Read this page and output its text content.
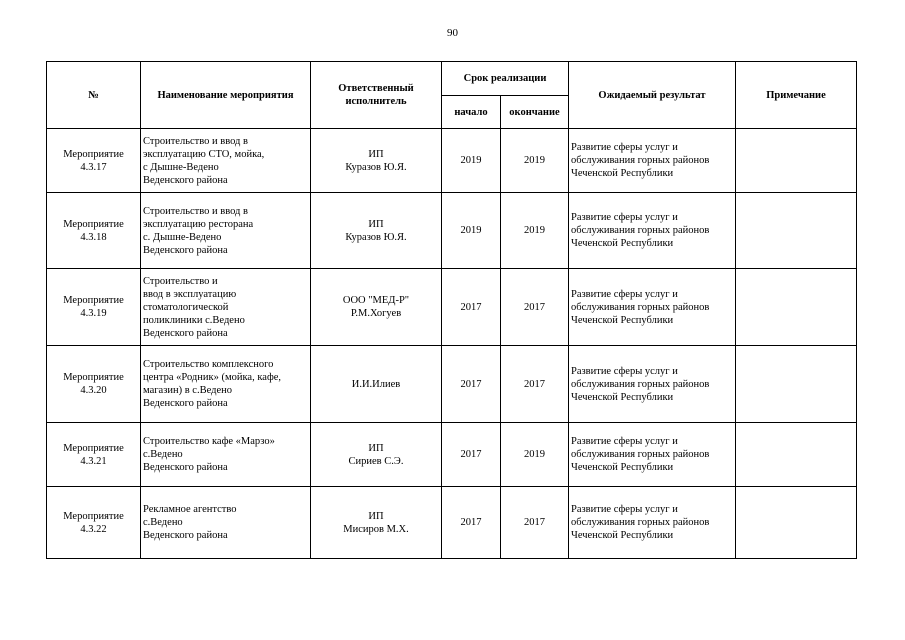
90
№	Наименование мероприятия	Ответственный
исполнитель	Срок реализации		Ожидаемый результат	Примечание
			начало	окончание		

Мероприятие
4.3.17	Строительство и ввод в
эксплуатацию СТО, мойка,
с Дышне-Ведено
Веденского района	ИП
Куразов Ю.Я.	2019	2019	Развитие сферы услуг и
обслуживания горных районов
Чеченской Республики	

Мероприятие
4.3.18	Строительство и ввод в
эксплуатацию ресторана
с. Дышне-Ведено
Веденского района	ИП
Куразов Ю.Я.	2019	2019	Развитие сферы услуг и
обслуживания горных районов
Чеченской Республики	

Мероприятие
4.3.19	Строительство и
ввод в эксплуатацию
стоматологической
поликлиники с.Ведено
Веденского района	ООО "МЕД-Р"
Р.М.Хогуев	2017	2017	Развитие сферы услуг и
обслуживания горных районов
Чеченской Республики	

Мероприятие
4.3.20	Строительство комплексного
центра «Родник» (мойка, кафе,
магазин) в с.Ведено
Веденского района	И.И.Илиев	2017	2017	Развитие сферы услуг и
обслуживания горных районов
Чеченской Республики	

Мероприятие
4.3.21	Строительство кафе «Марзо»
с.Ведено
Веденского района	ИП
Сириев С.Э.	2017	2019	Развитие сферы услуг и
обслуживания горных районов
Чеченской Республики	

Мероприятие
4.3.22	Рекламное агентство
с.Ведено
Веденского района	ИП
Мисиров М.Х.	2017	2017	Развитие сферы услуг и
обслуживания горных районов
Чеченской Республики	
